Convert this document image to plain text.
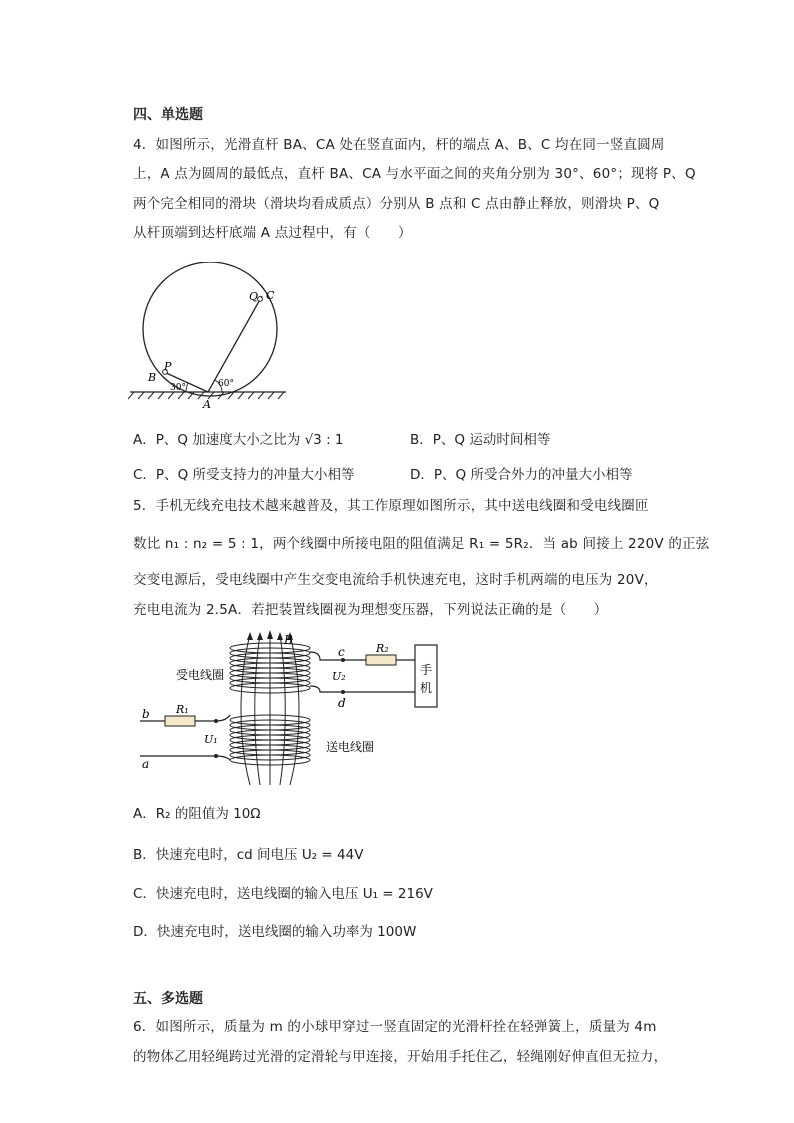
四、单选题
4．如图所示，光滑直杆 BA、CA 处在竖直面内，杆的端点 A、B、C 均在同一竖直圆周
上，A 点为圆周的最低点，直杆 BA、CA 与水平面之间的夹角分别为 30°、60°；现将 P、Q
两个完全相同的滑块（滑块均看成质点）分别从 B 点和 C 点由静止释放，则滑块 P、Q
从杆顶端到达杆底端 A 点过程中，有（　　）
Q C
P
B
30°	60°
A
A．P、Q 加速度大小之比为 √3 : 1	B．P、Q 运动时间相等
C．P、Q 所受支持力的冲量大小相等	D．P、Q 所受合外力的冲量大小相等
5．手机无线充电技术越来越普及，其工作原理如图所示，其中送电线圈和受电线圈匝
数比 n₁ : n₂ = 5 : 1，两个线圈中所接电阻的阻值满足 R₁ = 5R₂．当 ab 间接上 220V 的正弦
交变电源后，受电线圈中产生交变电流给手机快速充电，这时手机两端的电压为 20V，
充电电流为 2.5A．若把装置线圈视为理想变压器，下列说法正确的是（　　）
B
手
机
c
d
R₂
U₂
受电线圈
b
a
R₁
U₁
送电线圈
A．R₂ 的阻值为 10Ω
B．快速充电时，cd 间电压 U₂ = 44V
C．快速充电时，送电线圈的输入电压 U₁ = 216V
D．快速充电时，送电线圈的输入功率为 100W
五、多选题
6．如图所示，质量为 m 的小球甲穿过一竖直固定的光滑杆拴在轻弹簧上，质量为 4m
的物体乙用轻绳跨过光滑的定滑轮与甲连接，开始用手托住乙，轻绳刚好伸直但无拉力，
